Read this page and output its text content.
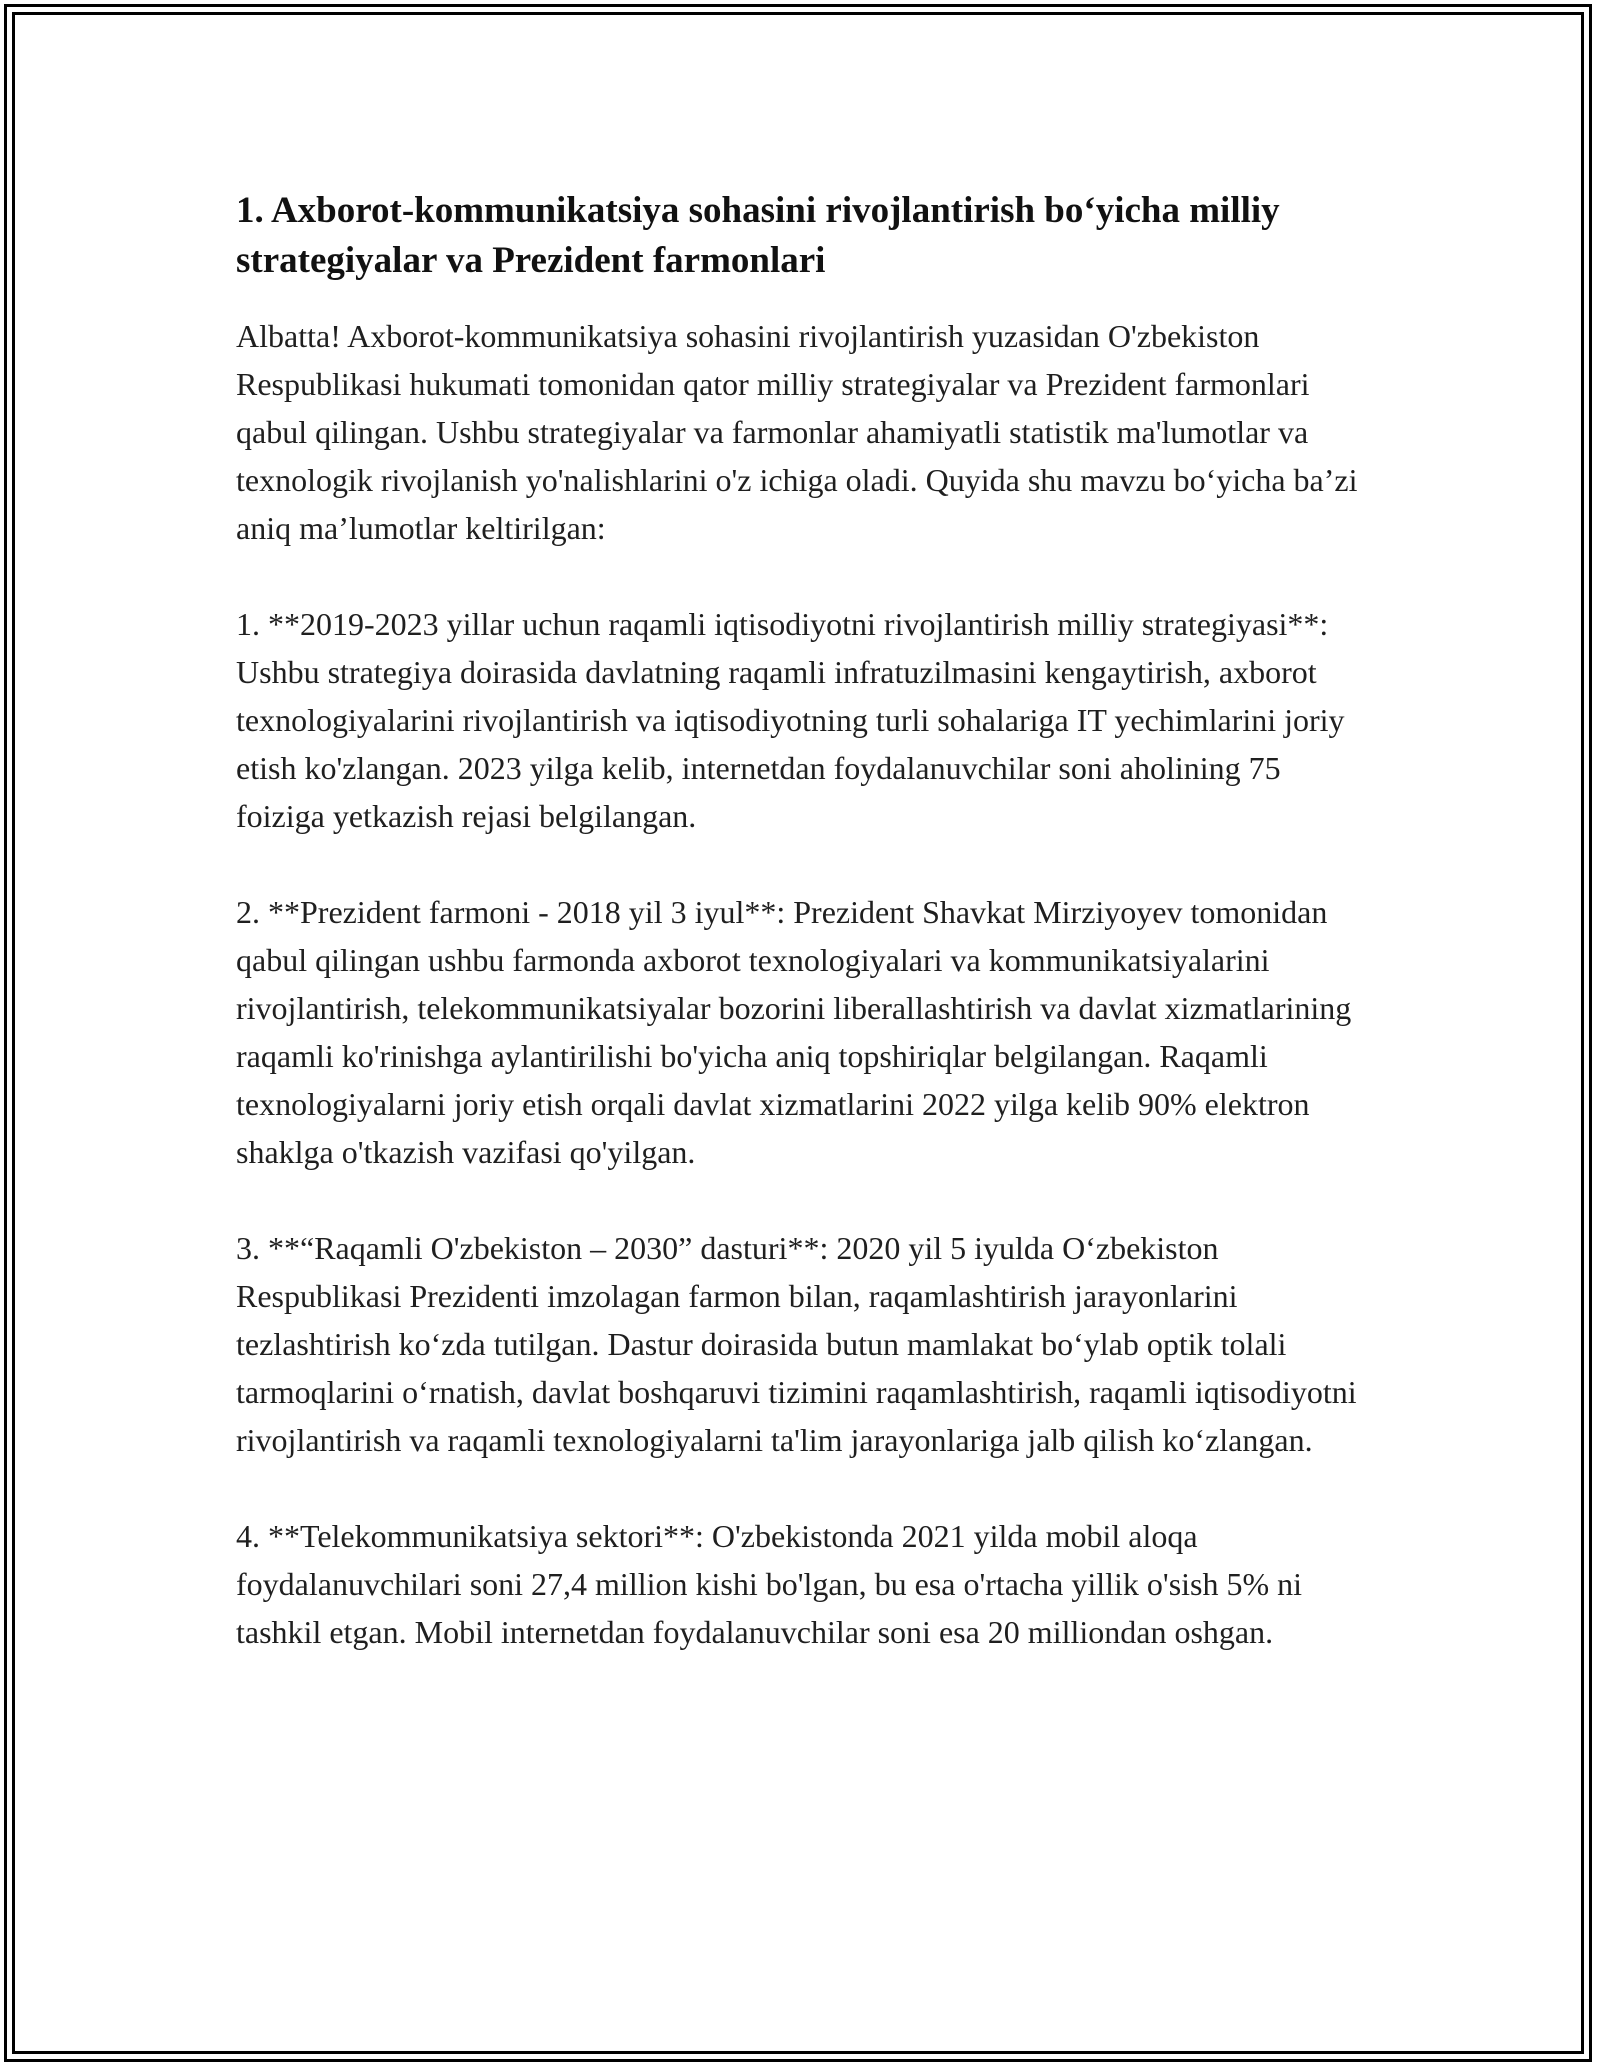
1. Axborot-kommunikatsiya sohasini rivojlantirish bo‘yicha milliy strategiyalar va Prezident farmonlari

Albatta! Axborot-kommunikatsiya sohasini rivojlantirish yuzasidan O'zbekiston Respublikasi hukumati tomonidan qator milliy strategiyalar va Prezident farmonlari qabul qilingan. Ushbu strategiyalar va farmonlar ahamiyatli statistik ma'lumotlar va texnologik rivojlanish yo'nalishlarini o'z ichiga oladi. Quyida shu mavzu bo‘yicha ba’zi aniq ma’lumotlar keltirilgan:

1. **2019-2023 yillar uchun raqamli iqtisodiyotni rivojlantirish milliy strategiyasi**: Ushbu strategiya doirasida davlatning raqamli infratuzilmasini kengaytirish, axborot texnologiyalarini rivojlantirish va iqtisodiyotning turli sohalariga IT yechimlarini joriy etish ko'zlangan. 2023 yilga kelib, internetdan foydalanuvchilar soni aholining 75 foiziga yetkazish rejasi belgilangan.

2. **Prezident farmoni - 2018 yil 3 iyul**: Prezident Shavkat Mirziyoyev tomonidan qabul qilingan ushbu farmonda axborot texnologiyalari va kommunikatsiyalarini rivojlantirish, telekommunikatsiyalar bozorini liberallashtirish va davlat xizmatlarining raqamli ko'rinishga aylantirilishi bo'yicha aniq topshiriqlar belgilangan. Raqamli texnologiyalarni joriy etish orqali davlat xizmatlarini 2022 yilga kelib 90% elektron shaklga o'tkazish vazifasi qo'yilgan.

3. **“Raqamli O'zbekiston – 2030” dasturi**: 2020 yil 5 iyulda O‘zbekiston Respublikasi Prezidenti imzolagan farmon bilan, raqamlashtirish jarayonlarini tezlashtirish ko‘zda tutilgan. Dastur doirasida butun mamlakat bo‘ylab optik tolali tarmoqlarini o‘rnatish, davlat boshqaruvi tizimini raqamlashtirish, raqamli iqtisodiyotni rivojlantirish va raqamli texnologiyalarni ta'lim jarayonlariga jalb qilish ko‘zlangan.

4. **Telekommunikatsiya sektori**: O'zbekistonda 2021 yilda mobil aloqa foydalanuvchilari soni 27,4 million kishi bo'lgan, bu esa o'rtacha yillik o'sish 5% ni tashkil etgan. Mobil internetdan foydalanuvchilar soni esa 20 milliondan oshgan.
